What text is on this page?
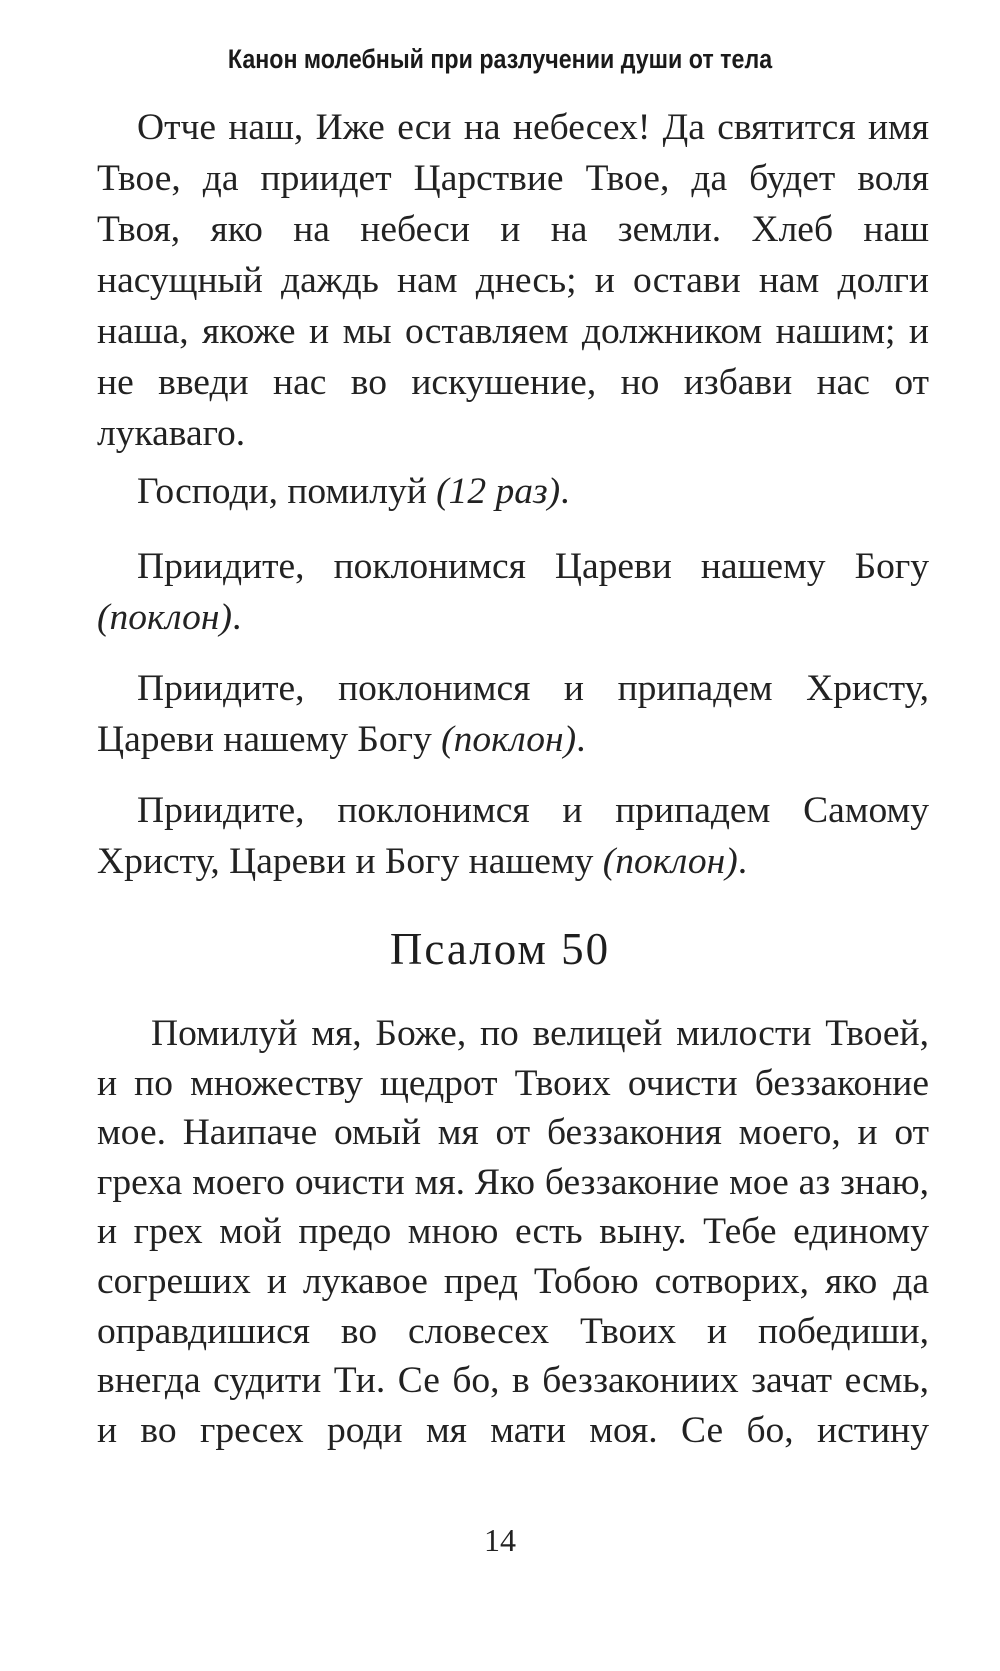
Канон молебный при разлучении души от тела

Отче наш, Иже еси на небесех! Да святится имя Твое, да приидет Царствие Твое, да будет воля Твоя, яко на небеси и на земли. Хлеб наш насущный даждь нам днесь; и остави нам долги наша, якоже и мы оставляем должником нашим; и не введи нас во искушение, но избави нас от лукаваго.

Господи, помилуй (12 раз).

Приидите, поклонимся Цареви нашему Богу (поклон).

Приидите, поклонимся и припадем Христу, Цареви нашему Богу (поклон).

Приидите, поклонимся и припадем Самому Христу, Цареви и Богу нашему (поклон).

Псалом 50

Помилуй мя, Боже, по велицей милости Твоей, и по множеству щедрот Твоих очисти беззаконие мое. Наипаче омый мя от беззакония моего, и от греха моего очисти мя. Яко беззаконие мое аз знаю, и грех мой предо мною есть выну. Тебе единому согреших и лукавое пред Тобою сотворих, яко да оправдишися во словесех Твоих и победиши, внегда судити Ти. Се бо, в беззакониих зачат есмь, и во гресех роди мя мати моя. Се бо, истину

14
